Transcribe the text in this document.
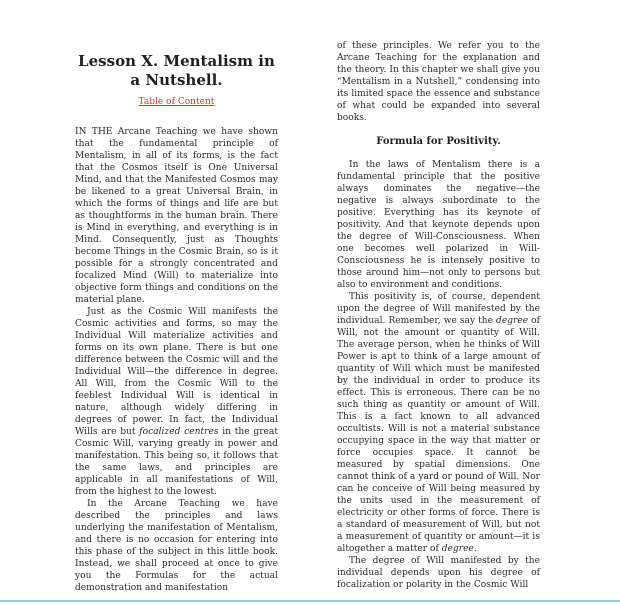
Lesson X. Mentalism in a Nutshell.
Table of Content

IN THE Arcane Teaching we have shown that the fundamental principle of Mentalism, in all of its forms, is the fact that the Cosmos itself is One Universal Mind, and that the Manifested Cosmos may be likened to a great Universal Brain, in which the forms of things and life are but as thoughtforms in the human brain. There is Mind in everything, and everything is in Mind. Consequently, just as Thoughts become Things in the Cosmic Brain, so is it possible for a strongly concentrated and focalized Mind (Will) to materialize into objective form things and conditions on the material plane.

Just as the Cosmic Will manifests the Cosmic activities and forms, so may the Individual Will materialize activities and forms on its own plane. There is but one difference between the Cosmic will and the Individual Will—the difference in degree. All Will, from the Cosmic Will to the feeblest Individual Will is identical in nature, although widely differing in degrees of power. In fact, the Individual Wills are but focalized centres in the great Cosmic Will, varying greatly in power and manifestation. This being so, it follows that the same laws, and principles are applicable in all manifestations of Will, from the highest to the lowest.

In the Arcane Teaching we have described the principles and laws underlying the manifestation of Mentalism, and there is no occasion for entering into this phase of the subject in this little book. Instead, we shall proceed at once to give you the Formulas for the actual demonstration and manifestation

of these principles. We refer you to the Arcane Teaching for the explanation and the theory. In this chapter we shall give you “Mentalism in a Nutshell,” condensing into its limited space the essence and substance of what could be expanded into several books.

Formula for Positivity.

In the laws of Mentalism there is a fundamental principle that the positive always dominates the negative—the negative is always subordinate to the positive. Everything has its keynote of positivity. And that keynote depends upon the degree of Will-Consciousness. When one becomes well polarized in Will-Consciousness he is intensely positive to those around him—not only to persons but also to environment and conditions.

This positivity is, of course, dependent upon the degree of Will manifested by the individual. Remember, we say the degree of Will, not the amount or quantity of Will. The average person, when he thinks of Will Power is apt to think of a large amount of quantity of Will which must be manifested by the individual in order to produce its effect. This is erroneous. There can be no such thing as quantity or amount of Will. This is a fact known to all advanced occultists. Will is not a material substance occupying space in the way that matter or force occupies space. It cannot be measured by spatial dimensions. One cannot think of a yard or pound of Will. Nor can he conceive of Will being measured by the units used in the measurement of electricity or other forms of force. There is a standard of measurement of Will, but not a measurement of quantity or amount—it is altogether a matter of degree.

The degree of Will manifested by the individual depends upon his degree of focalization or polarity in the Cosmic Will
